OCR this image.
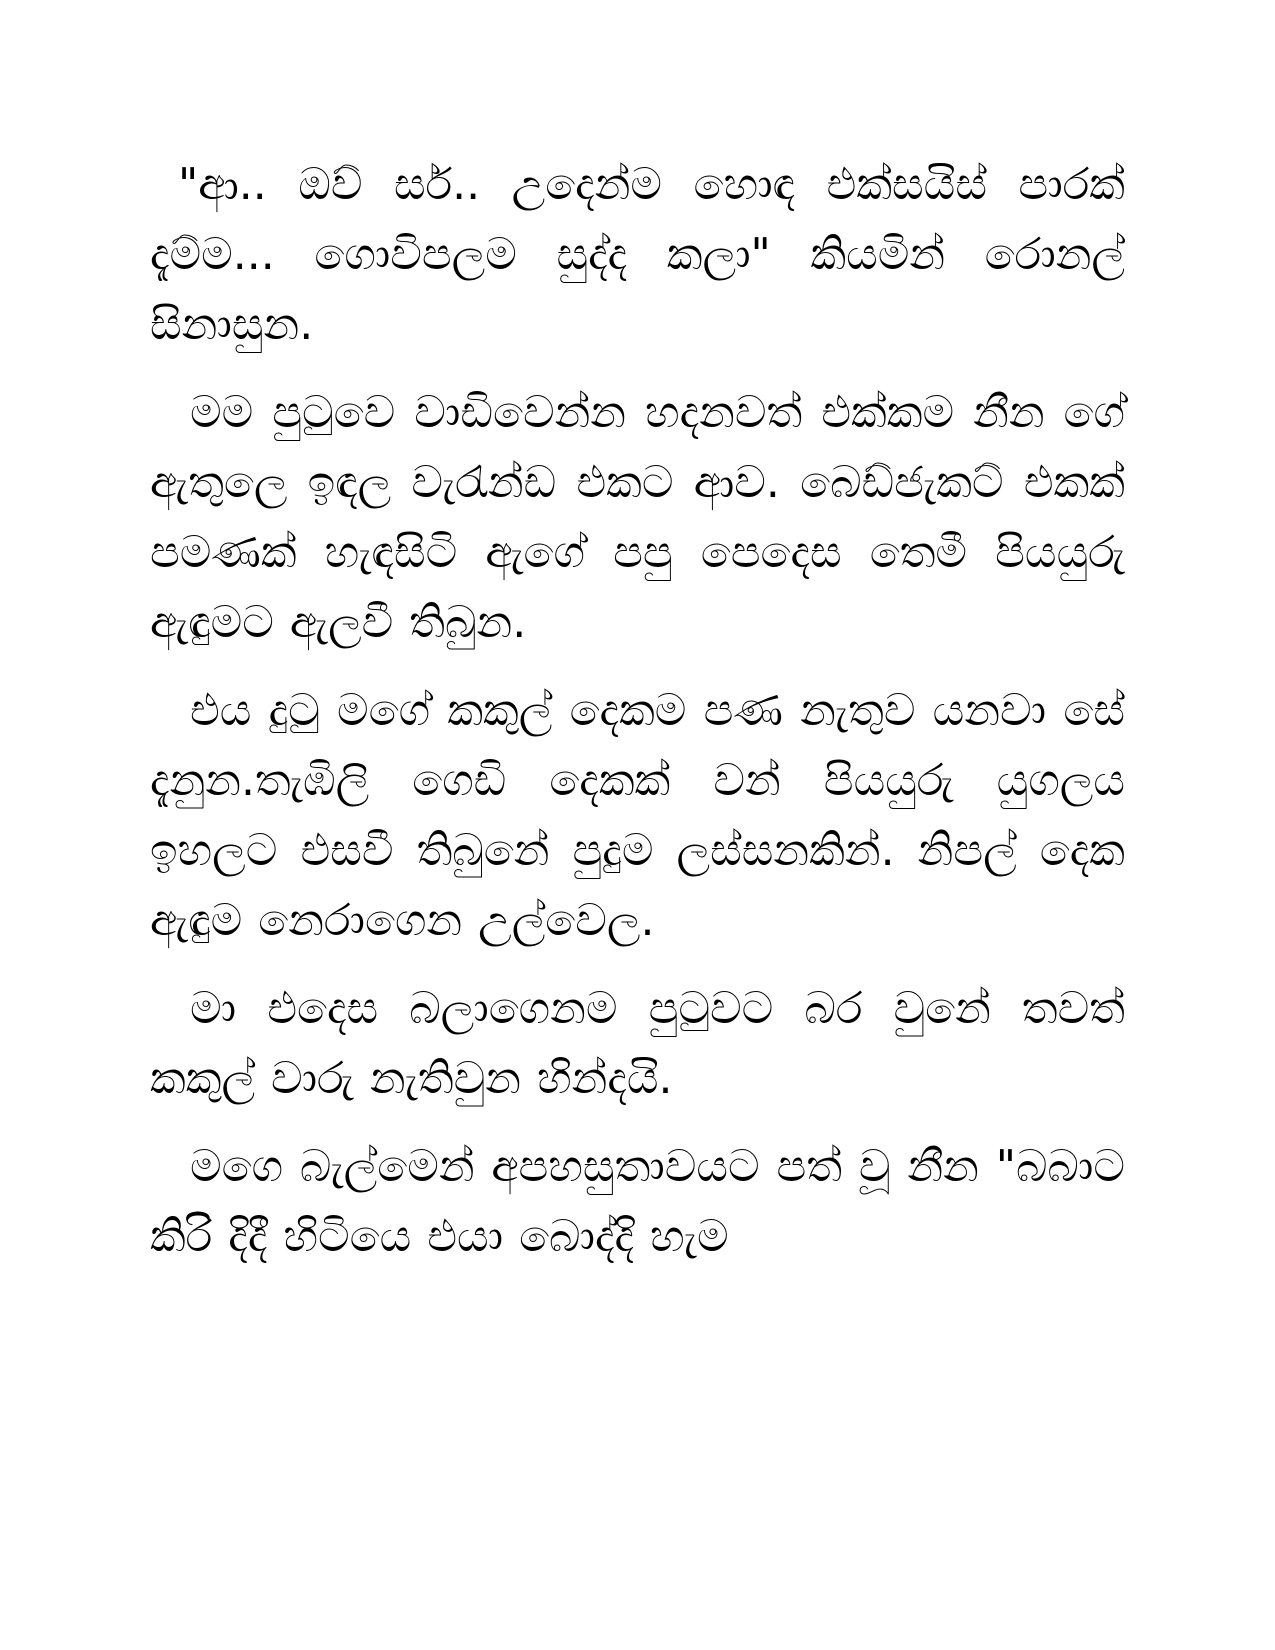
"ආ.. ඔව් සර්.. උදෙන්ම හොඳ එක්සයිස් පාරක් දැම්ම... ගොවිපලම සුද්ද කලා" කියමින් රොනල් සිනාසුන.

මම පුටුවෙ වාඩිවෙන්න හදනවත් එක්කම නීන ගේ ඇතුලෙ ඉඳල වැරැන්ඩ එකට ආව. බෙඩ්ජැකට් එකක් පමණක් හැඳසිටි ඇගේ පපු පෙදෙස තෙමී පියයුරු ඇඳුමට ඇලවී තිබුන.

එය දුටු මගේ කකුල් දෙකම පණ නැතුව යනවා සේ දැනුන.තැඹිලි ගෙඩි දෙකක් වන් පියයුරු යුගලය ඉහලට එසවී තිබුනේ පුදුම ලස්සනකින්. නිපල් දෙක ඇඳුම නෙරාගෙන උල්වෙල.

මා එදෙස බලාගෙනම පුටුවට බර වුනේ තවත් කකුල් වාරු නැතිවුන හින්දයි.

මගෙ බැල්මෙන් අපහසුතාවයට පත් වූ නීන "බබාට කිරි දිදී හිටියෙ එයා බොද්දි හැම
